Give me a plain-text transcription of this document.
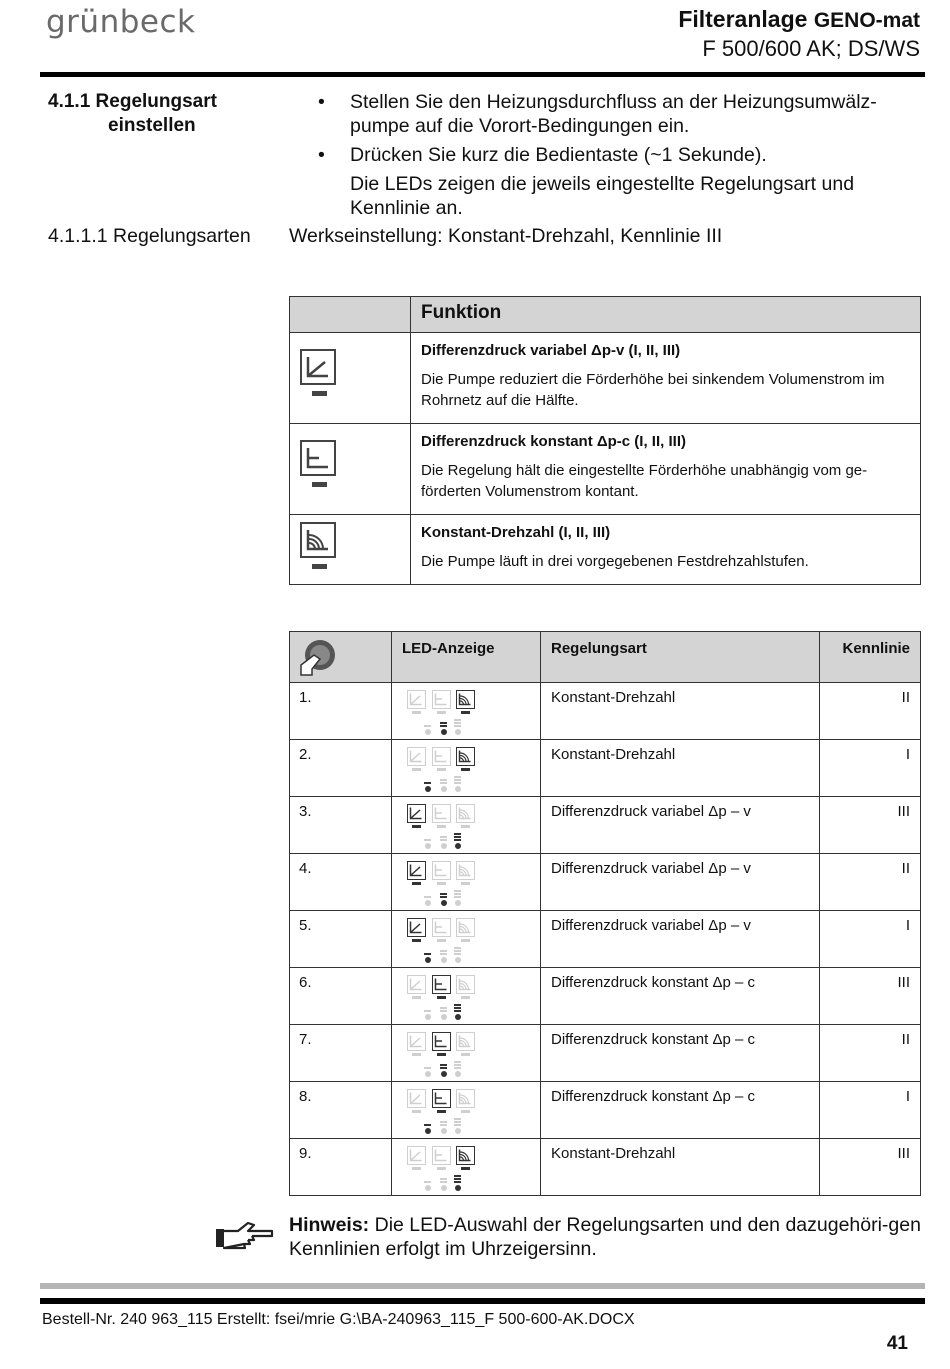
grünbeck	Filteranlage GENO-mat
F 500/600 AK; DS/WS
4.1.1 Regelungsart
einstellen
• Stellen Sie den Heizungsdurchfluss an der Heizungsumwälz-pumpe auf die Vorort-Bedingungen ein.
• Drücken Sie kurz die Bedientaste (~1 Sekunde).
Die LEDs zeigen die jeweils eingestellte Regelungsart und Kennlinie an.
4.1.1.1 Regelungsarten Werkseinstellung: Konstant-Drehzahl, Kennlinie III
	Funktion

Differenzdruck variabel Δp-v (I, II, III)
Die Pumpe reduziert die Förderhöhe bei sinkendem Volumenstrom im Rohrnetz auf die Hälfte.

Differenzdruck konstant Δp-c (I, II, III)
Die Regelung hält die eingestellte Förderhöhe unabhängig vom ge-förderten Volumenstrom kontant.

Konstant-Drehzahl (I, II, III)
Die Pumpe läuft in drei vorgegebenen Festdrehzahlstufen.
	LED-Anzeige	Regelungsart	Kennlinie
1.		Konstant-Drehzahl	II
2.		Konstant-Drehzahl	I
3.		Differenzdruck variabel Δp – v	III
4.		Differenzdruck variabel Δp – v	II
5.		Differenzdruck variabel Δp – v	I
6.		Differenzdruck konstant Δp – c	III
7.		Differenzdruck konstant Δp – c	II
8.		Differenzdruck konstant Δp – c	I
9.		Konstant-Drehzahl	III
Hinweis: Die LED-Auswahl der Regelungsarten und den dazugehöri-gen Kennlinien erfolgt im Uhrzeigersinn.
Bestell-Nr. 240 963_115 Erstellt: fsei/mrie G:\BA-240963_115_F 500-600-AK.DOCX
41
